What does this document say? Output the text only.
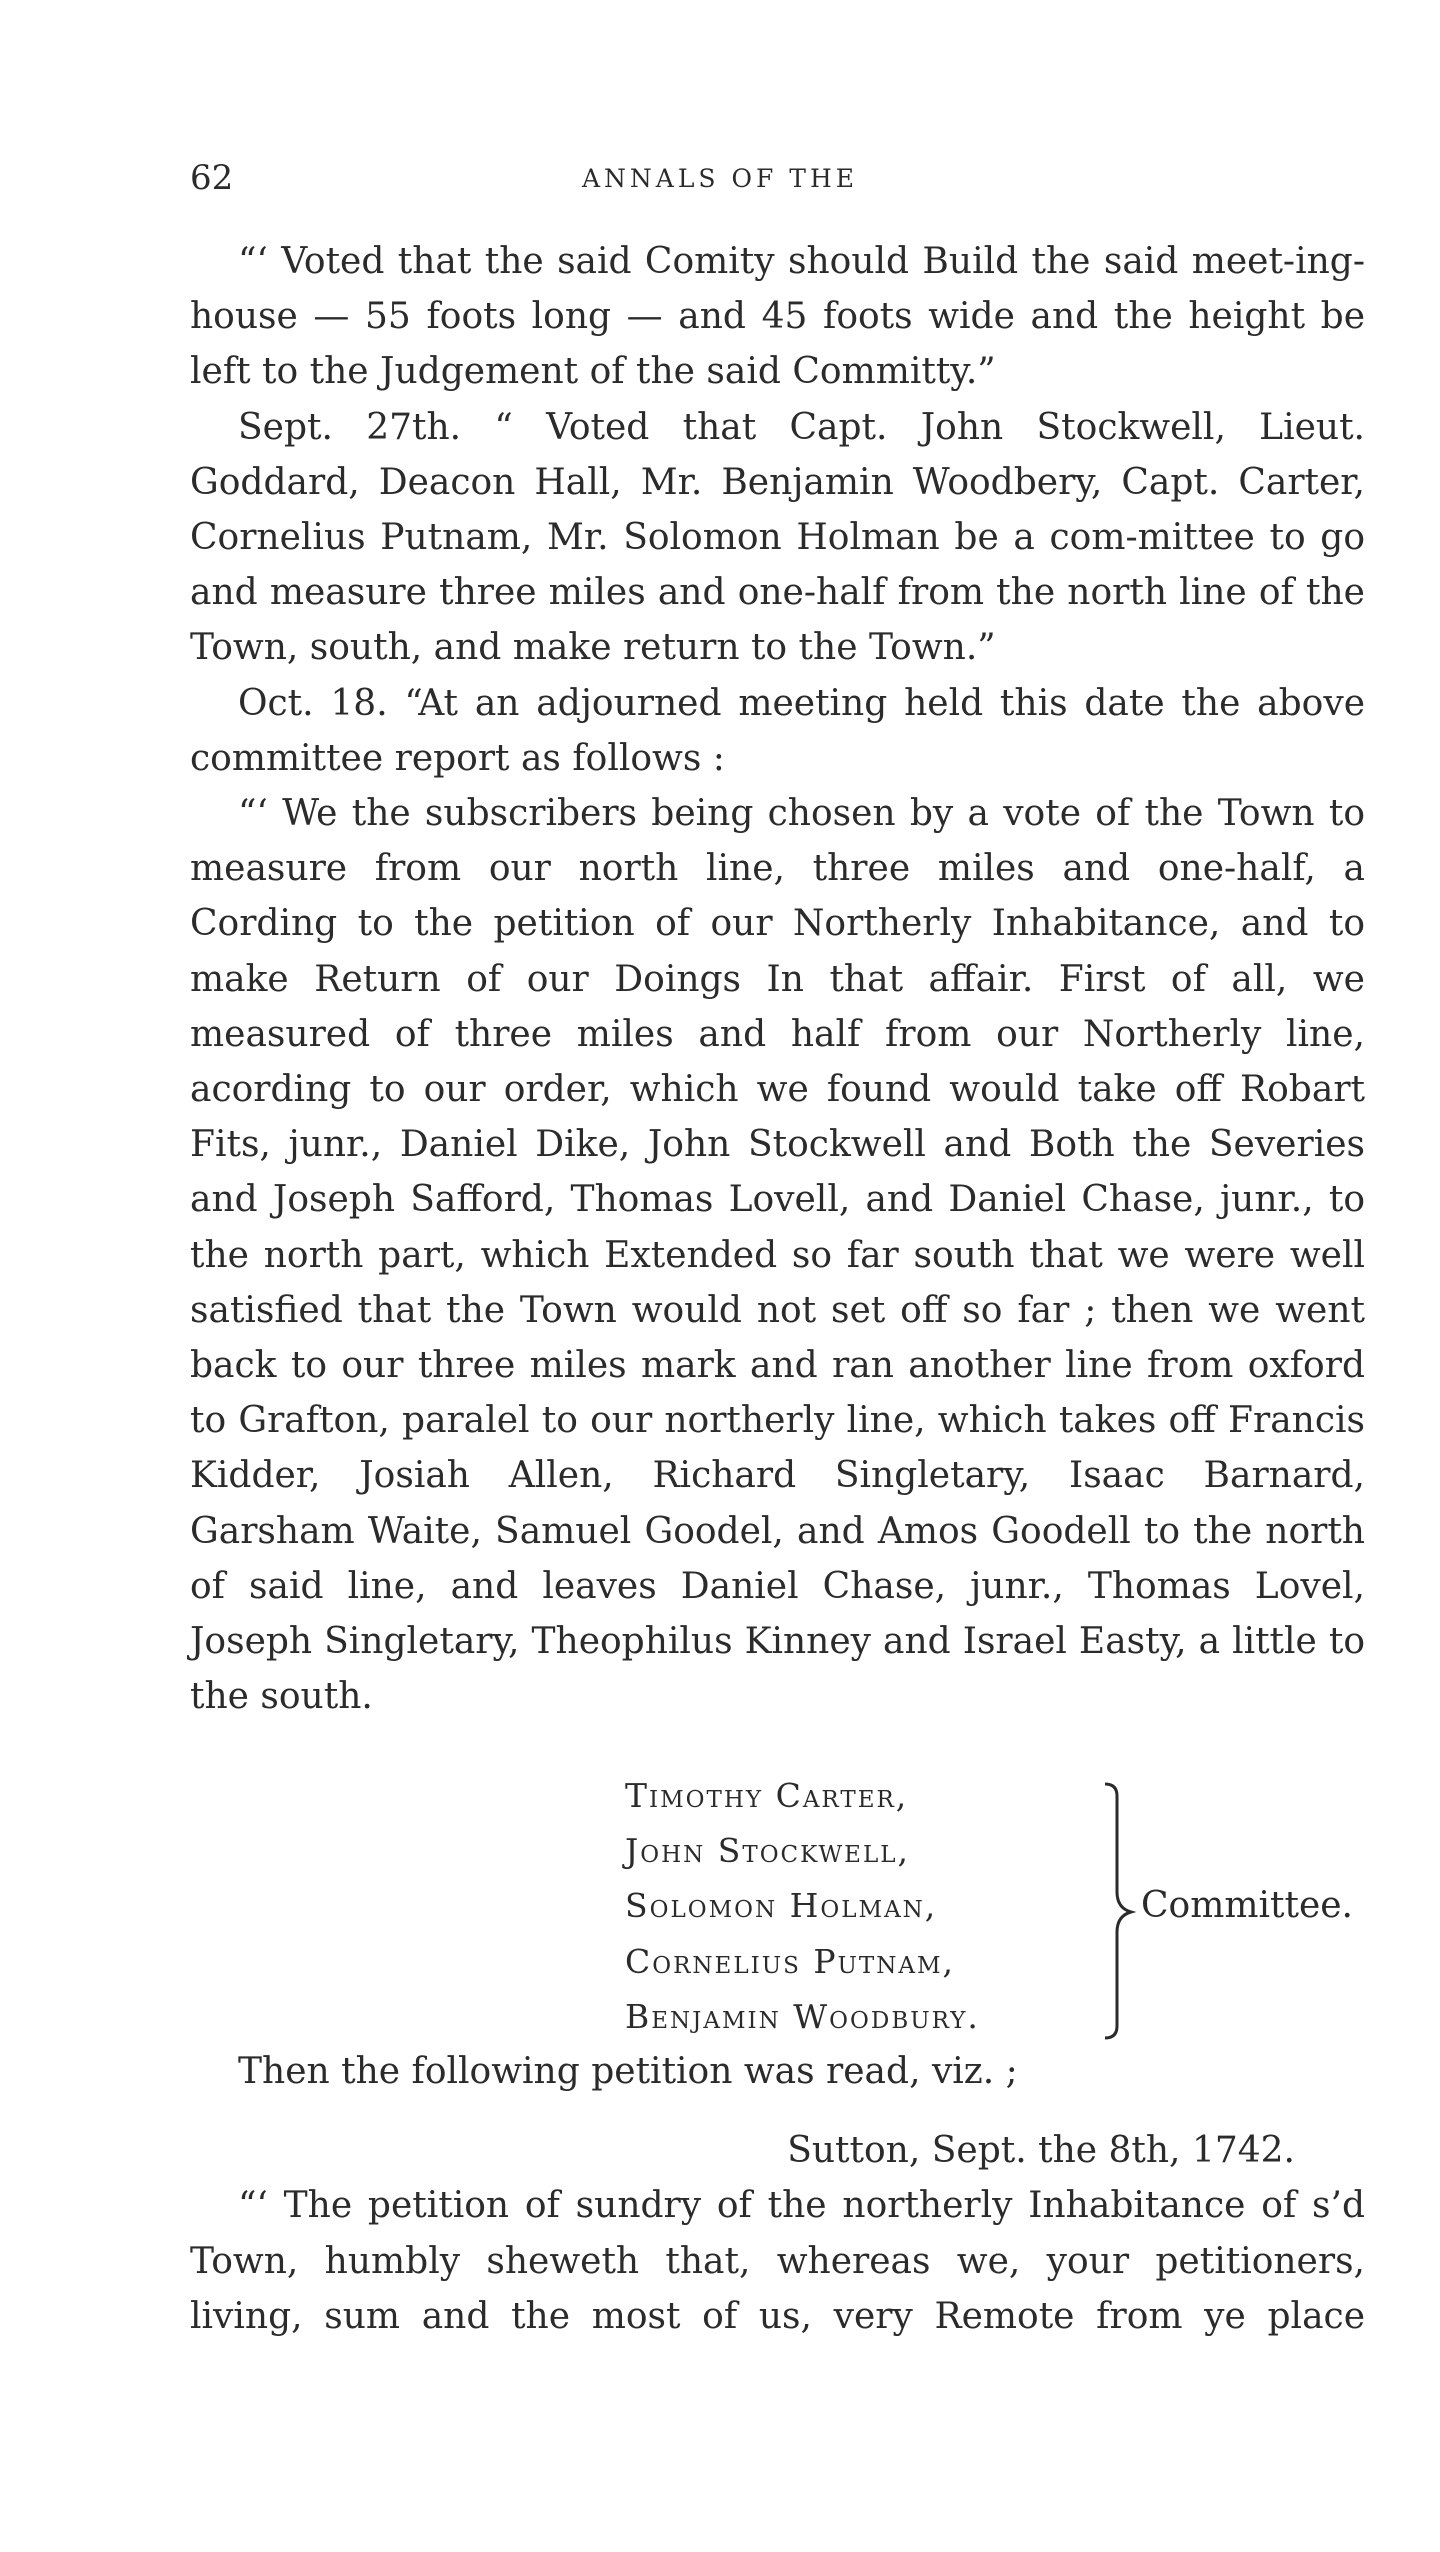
62	ANNALS OF THE

“‘ Voted that the said Comity should Build the said meet-ing-house — 55 foots long — and 45 foots wide and the height be left to the Judgement of the said Committy.”

Sept. 27th. “ Voted that Capt. John Stockwell, Lieut. Goddard, Deacon Hall, Mr. Benjamin Woodbery, Capt. Carter, Cornelius Putnam, Mr. Solomon Holman be a com-mittee to go and measure three miles and one-half from the north line of the Town, south, and make return to the Town.”

Oct. 18. “At an adjourned meeting held this date the above committee report as follows :

“‘ We the subscribers being chosen by a vote of the Town to measure from our north line, three miles and one-half, a Cording to the petition of our Northerly Inhabitance, and to make Return of our Doings In that affair. First of all, we measured of three miles and half from our Northerly line, acording to our order, which we found would take off Robart Fits, junr., Daniel Dike, John Stockwell and Both the Severies and Joseph Safford, Thomas Lovell, and Daniel Chase, junr., to the north part, which Extended so far south that we were well satisfied that the Town would not set off so far ; then we went back to our three miles mark and ran another line from oxford to Grafton, paralel to our northerly line, which takes off Francis Kidder, Josiah Allen, Richard Singletary, Isaac Barnard, Garsham Waite, Samuel Goodel, and Amos Goodell to the north of said line, and leaves Daniel Chase, junr., Thomas Lovel, Joseph Singletary, Theophilus Kinney and Israel Easty, a little to the south.

Timothy Carter,
John Stockwell,
Solomon Holman,
Cornelius Putnam,
Benjamin Woodbury.
Committee.

Then the following petition was read, viz. ;

Sutton, Sept. the 8th, 1742.

“‘ The petition of sundry of the northerly Inhabitance of s’d

Town, humbly sheweth that, whereas we, your petitioners,

living, sum and the most of us, very Remote from ye place
